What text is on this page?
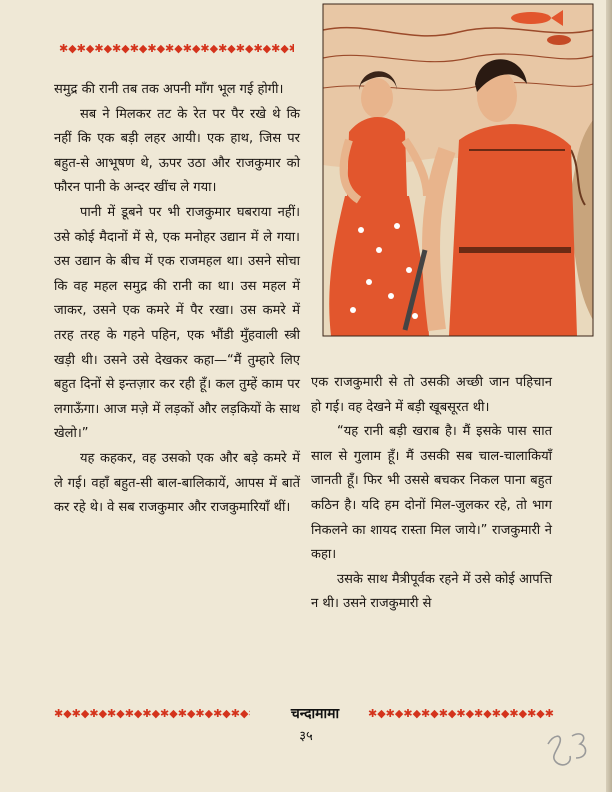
✱◆✱◆✱◆✱◆✱◆✱◆✱◆✱◆✱◆✱◆✱◆✱◆✱◆✱◆✱◆✱◆✱◆✱◆✱◆✱◆

समुद्र की रानी तब तक अपनी माँग भूल गई होगी।

सब ने मिलकर तट के रेत पर पैर रखे थे कि नहीं कि एक बड़ी लहर आयी। एक हाथ, जिस पर बहुत-से आभूषण थे, ऊपर उठा और राजकुमार को फौरन पानी के अन्दर खींच ले गया।

पानी में डूबने पर भी राजकुमार घबराया नहीं। उसे कोई मैदानों में से, एक मनोहर उद्यान में ले गया। उस उद्यान के बीच में एक राजमहल था। उसने सोचा कि वह महल समुद्र की रानी का था। उस महल में जाकर, उसने एक कमरे में पैर रखा। उस कमरे में तरह तरह के गहने पहिन, एक भौंडी मुँहवाली स्त्री खड़ी थी। उसने उसे देखकर कहा—“मैं तुम्हारे लिए बहुत दिनों से इन्तज़ार कर रही हूँ। कल तुम्हें काम पर लगाऊँगा। आज मज़े में लड़कों और लड़कियों के साथ खेलो।”

यह कहकर, वह उसको एक और बड़े कमरे में ले गई। वहाँ बहुत-सी बाल-बालिकायें, आपस में बातें कर रहे थे। वे सब राजकुमार और राजकुमारियाँ थीं।

एक राजकुमारी से तो उसकी अच्छी जान पहिचान हो गई। वह देखने में बड़ी खूबसूरत थी।

“यह रानी बड़ी खराब है। मैं इसके पास सात साल से गुलाम हूँ। मैं उसकी सब चाल-चालाकियाँ जानती हूँ। फिर भी उससे बचकर निकल पाना बहुत कठिन है। यदि हम दोनों मिल-जुलकर रहे, तो भाग निकलने का शायद रास्ता मिल जाये।” राजकुमारी ने कहा।

उसके साथ मैत्रीपूर्वक रहने में उसे कोई आपत्ति न थी। उसने राजकुमारी से

✱◆✱◆✱◆✱◆✱◆✱◆✱◆✱◆✱◆✱◆✱◆✱◆✱◆✱◆✱◆✱◆✱◆✱◆✱◆✱◆
✱◆✱◆✱◆✱◆✱◆✱◆✱◆✱◆✱◆✱◆✱◆✱◆✱◆✱◆✱◆✱◆✱◆✱◆✱◆✱◆
चन्दामामा
३५
